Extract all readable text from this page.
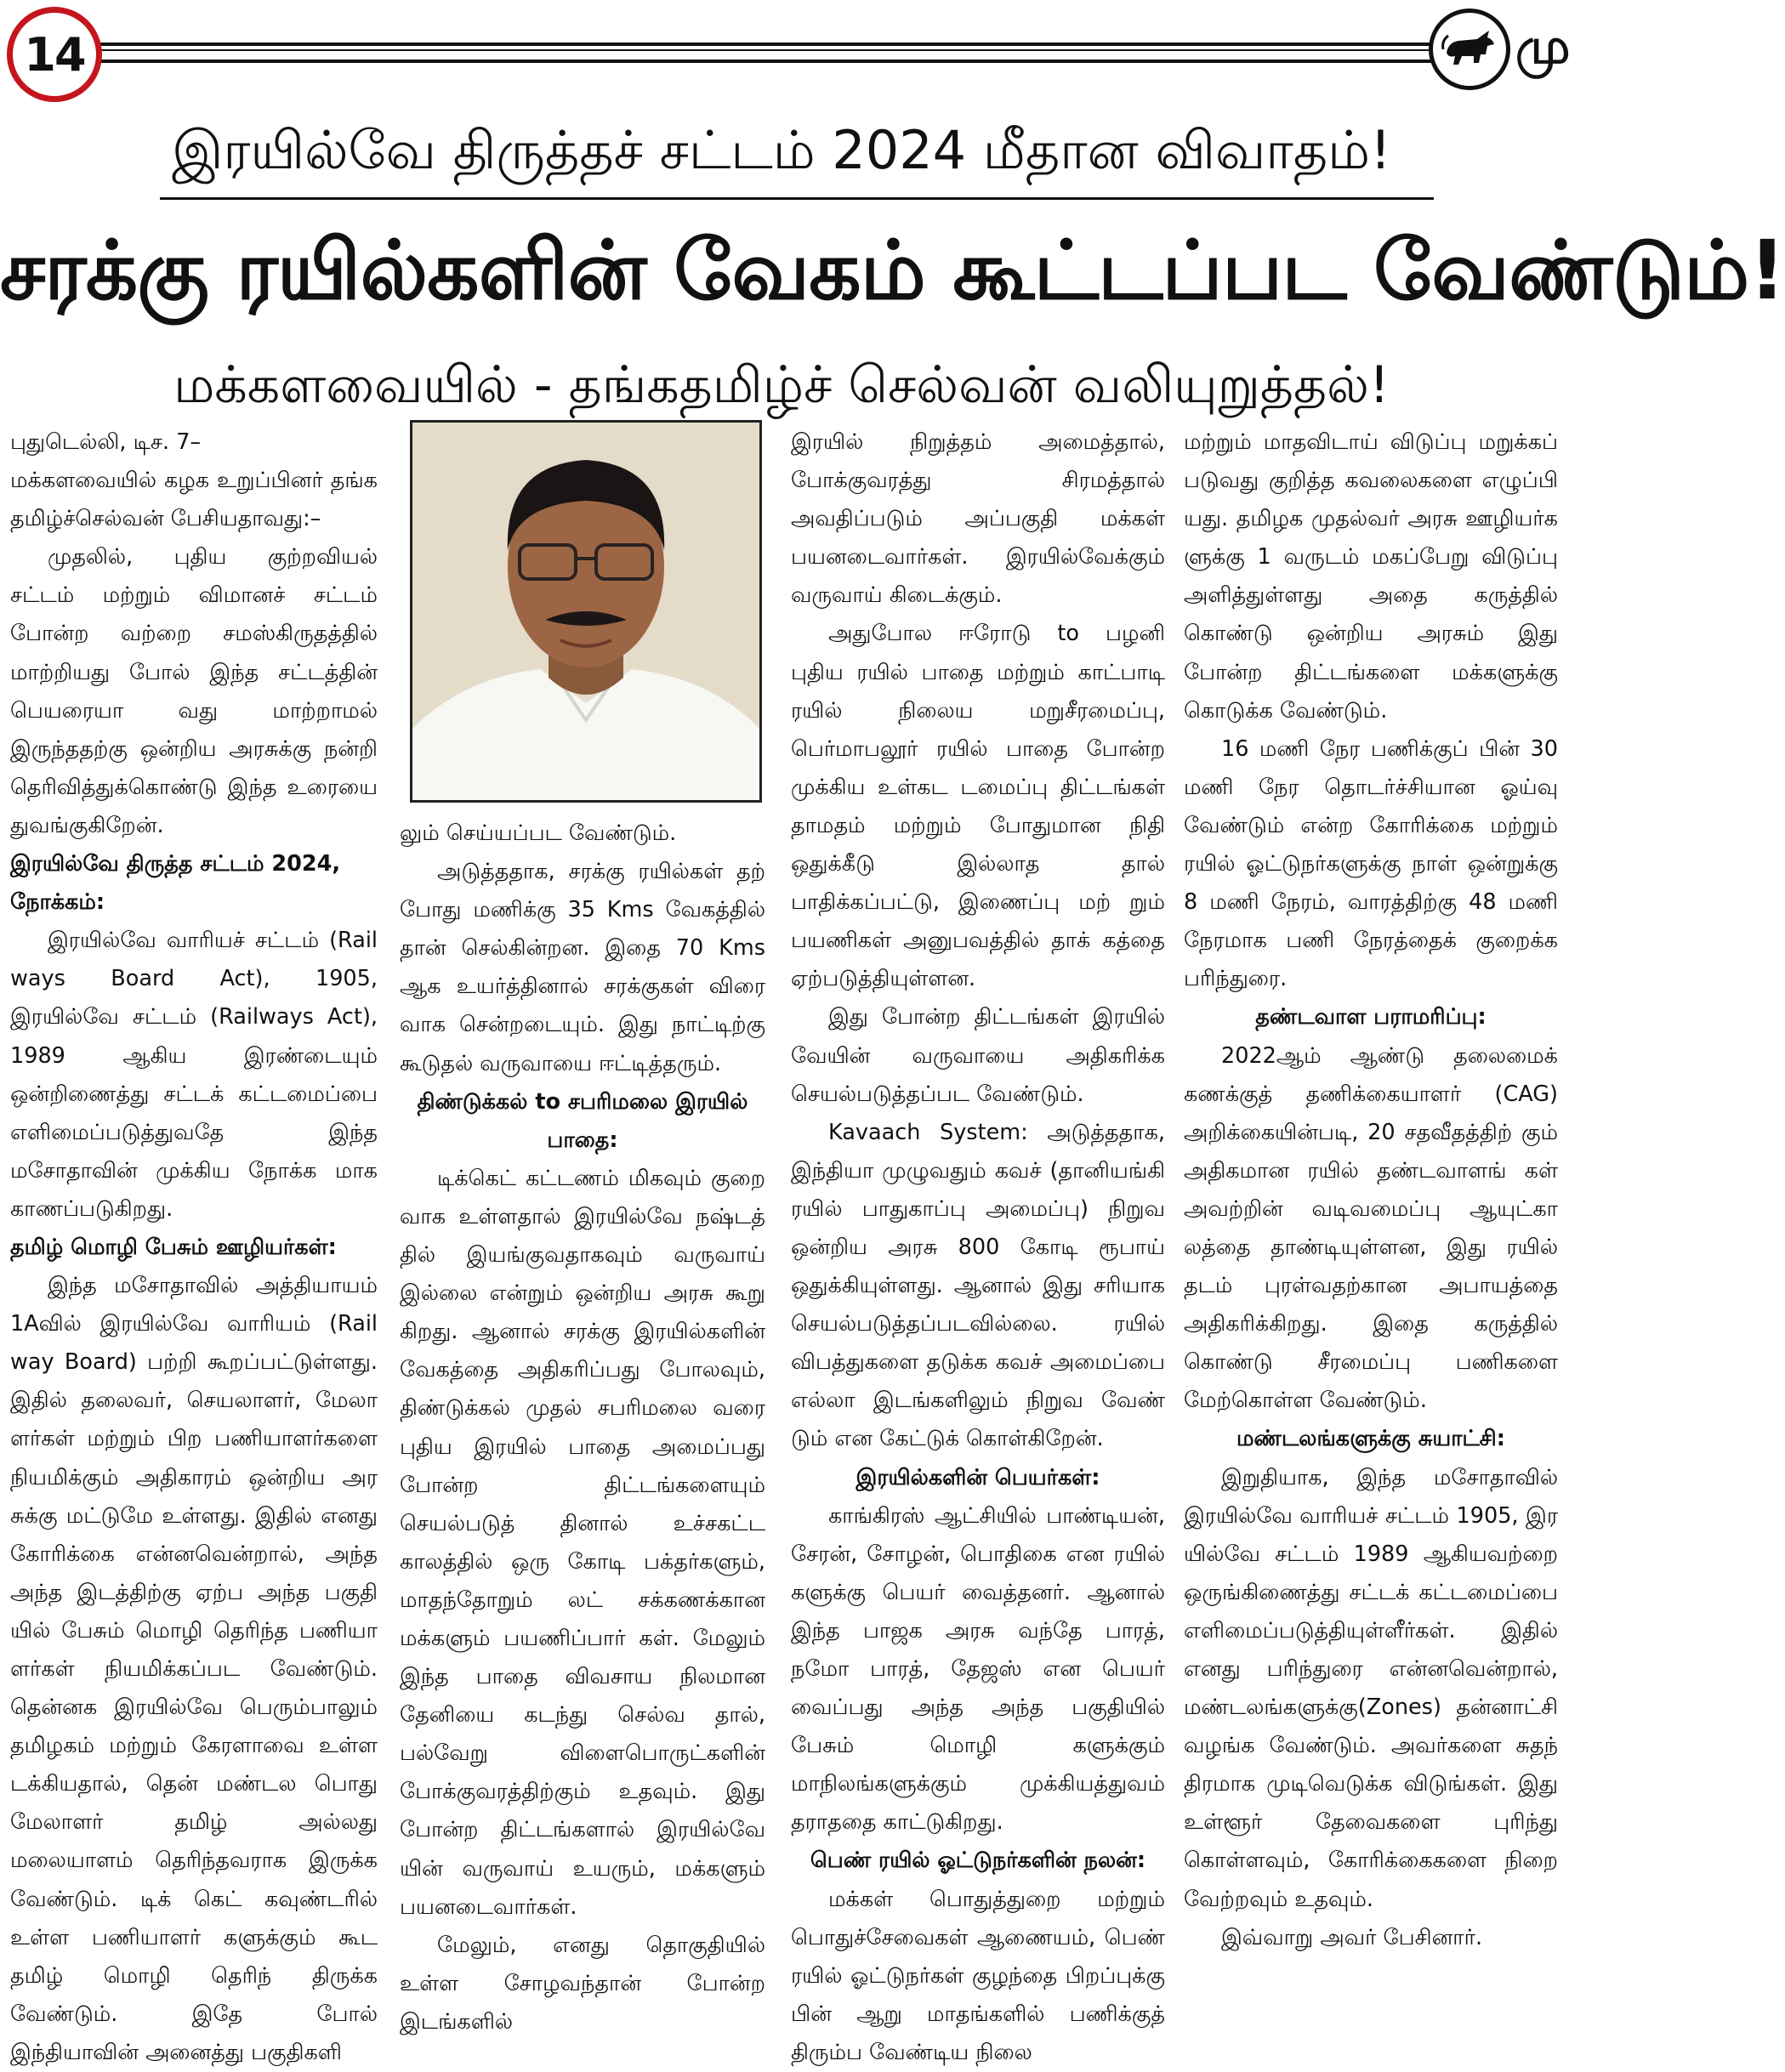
14	மு
இரயில்வே திருத்தச் சட்டம் 2024 மீதான விவாதம்!
சரக்கு ரயில்களின் வேகம் கூட்டப்பட வேண்டும்!
மக்களவையில் - தங்கதமிழ்ச் செல்வன் வலியுறுத்தல்!

புதுடெல்லி, டிச. 7–

மக்களவையில் கழக உறுப்பினர் தங்க தமிழ்ச்செல்வன் பேசியதாவது:–

முதலில், புதிய குற்றவியல் சட்டம் மற்றும் விமானச் சட்டம் போன்ற வற்றை சமஸ்கிருதத்தில் மாற்றியது போல் இந்த சட்டத்தின் பெயரையா வது மாற்றாமல் இருந்ததற்கு ஒன்றிய அரசுக்கு நன்றி தெரிவித்துக்கொண்டு இந்த உரையை துவங்குகிறேன்.

இரயில்வே திருத்த சட்டம் 2024, நோக்கம்:

இரயில்வே வாரியச் சட்டம் (Rail ways Board Act), 1905, இரயில்வே சட்டம் (Railways Act), 1989 ஆகிய இரண்டையும் ஒன்றிணைத்து சட்டக் கட்டமைப்பை எளிமைப்படுத்துவதே இந்த மசோதாவின் முக்கிய நோக்க மாக காணப்படுகிறது.

தமிழ் மொழி பேசும் ஊழியர்கள்:

இந்த மசோதாவில் அத்தியாயம் 1Aவில் இரயில்வே வாரியம் (Rail way Board) பற்றி கூறப்பட்டுள்ளது. இதில் தலைவர், செயலாளர், மேலா ளர்கள் மற்றும் பிற பணியாளர்களை நியமிக்கும் அதிகாரம் ஒன்றிய அர சுக்கு மட்டுமே உள்ளது. இதில் எனது கோரிக்கை என்னவென்றால், அந்த அந்த இடத்திற்கு ஏற்ப அந்த பகுதி யில் பேசும் மொழி தெரிந்த பணியா ளர்கள் நியமிக்கப்பட வேண்டும். தென்னக இரயில்வே பெரும்பாலும் தமிழகம் மற்றும் கேரளாவை உள்ள டக்கியதால், தென் மண்டல பொது மேலாளர் தமிழ் அல்லது மலையாளம் தெரிந்தவராக இருக்க வேண்டும். டிக் கெட் கவுண்டரில் உள்ள பணியாளர் களுக்கும் கூட தமிழ் மொழி தெரிந் திருக்க வேண்டும். இதே போல் இந்தியாவின் அனைத்து பகுதிகளி

லும் செய்யப்பட வேண்டும்.

அடுத்ததாக, சரக்கு ரயில்கள் தற் போது மணிக்கு 35 Kms வேகத்தில் தான் செல்கின்றன. இதை 70 Kms ஆக உயர்த்தினால் சரக்குகள் விரை வாக சென்றடையும். இது நாட்டிற்கு கூடுதல் வருவாயை ஈட்டித்தரும்.

திண்டுக்கல் to சபரிமலை இரயில் பாதை:

டிக்கெட் கட்டணம் மிகவும் குறை வாக உள்ளதால் இரயில்வே நஷ்டத் தில் இயங்குவதாகவும் வருவாய் இல்லை என்றும் ஒன்றிய அரசு கூறு கிறது. ஆனால் சரக்கு இரயில்களின் வேகத்தை அதிகரிப்பது போலவும், திண்டுக்கல் முதல் சபரிமலை வரை புதிய இரயில் பாதை அமைப்பது போன்ற திட்டங்களையும் செயல்படுத் தினால் உச்சகட்ட காலத்தில் ஒரு கோடி பக்தர்களும், மாதந்தோறும் லட் சக்கணக்கான மக்களும் பயணிப்பார் கள். மேலும் இந்த பாதை விவசாய நிலமான தேனியை கடந்து செல்வ தால், பல்வேறு விளைபொருட்களின் போக்குவரத்திற்கும் உதவும். இது போன்ற திட்டங்களால் இரயில்வே யின் வருவாய் உயரும், மக்களும் பயனடைவார்கள்.

மேலும், எனது தொகுதியில் உள்ள சோழவந்தான் போன்ற இடங்களில்

இரயில் நிறுத்தம் அமைத்தால், போக்குவரத்து சிரமத்தால் அவதிப்படும் அப்பகுதி மக்கள் பயனடைவார்கள். இரயில்வேக்கும் வருவாய் கிடைக்கும்.

அதுபோல ஈரோடு to பழனி புதிய ரயில் பாதை மற்றும் காட்பாடி ரயில் நிலைய மறுசீரமைப்பு, பெர்மாபலூர் ரயில் பாதை போன்ற முக்கிய உள்கட டமைப்பு திட்டங்கள் தாமதம் மற்றும் போதுமான நிதி ஒதுக்கீடு இல்லாத தால் பாதிக்கப்பட்டு, இணைப்பு மற் றும் பயணிகள் அனுபவத்தில் தாக் கத்தை ஏற்படுத்தியுள்ளன.

இது போன்ற திட்டங்கள் இரயில் வேயின் வருவாயை அதிகரிக்க செயல்படுத்தப்பட வேண்டும்.

Kavaach System: அடுத்ததாக, இந்தியா முழுவதும் கவச் (தானியங்கி ரயில் பாதுகாப்பு அமைப்பு) நிறுவ ஒன்றிய அரசு 800 கோடி ரூபாய் ஒதுக்கியுள்ளது. ஆனால் இது சரியாக செயல்படுத்தப்படவில்லை. ரயில் விபத்துகளை தடுக்க கவச் அமைப்பை எல்லா இடங்களிலும் நிறுவ வேண் டும் என கேட்டுக் கொள்கிறேன்.

இரயில்களின் பெயர்கள்:

காங்கிரஸ் ஆட்சியில் பாண்டியன், சேரன், சோழன், பொதிகை என ரயில் களுக்கு பெயர் வைத்தனர். ஆனால் இந்த பாஜக அரசு வந்தே பாரத், நமோ பாரத், தேஜஸ் என பெயர் வைப்பது அந்த அந்த பகுதியில் பேசும் மொழி களுக்கும் மாநிலங்களுக்கும் முக்கியத்துவம் தராததை காட்டுகிறது.

பெண் ரயில் ஓட்டுநர்களின் நலன்:

மக்கள் பொதுத்துறை மற்றும் பொதுச்சேவைகள் ஆணையம், பெண் ரயில் ஓட்டுநர்கள் குழந்தை பிறப்புக்கு பின் ஆறு மாதங்களில் பணிக்குத் திரும்ப வேண்டிய நிலை

மற்றும் மாதவிடாய் விடுப்பு மறுக்கப் படுவது குறித்த கவலைகளை எழுப்பி யது. தமிழக முதல்வர் அரசு ஊழியர்க ளுக்கு 1 வருடம் மகப்பேறு விடுப்பு அளித்துள்ளது அதை கருத்தில் கொண்டு ஒன்றிய அரசும் இது போன்ற திட்டங்களை மக்களுக்கு கொடுக்க வேண்டும்.

16 மணி நேர பணிக்குப் பின் 30 மணி நேர தொடர்ச்சியான ஓய்வு வேண்டும் என்ற கோரிக்கை மற்றும் ரயில் ஓட்டுநர்களுக்கு நாள் ஒன்றுக்கு 8 மணி நேரம், வாரத்திற்கு 48 மணி நேரமாக பணி நேரத்தைக் குறைக்க பரிந்துரை.

தண்டவாள பராமரிப்பு:

2022ஆம் ஆண்டு தலைமைக் கணக்குத் தணிக்கையாளர் (CAG) அறிக்கையின்படி, 20 சதவீதத்திற் கும் அதிகமான ரயில் தண்டவாளங் கள் அவற்றின் வடிவமைப்பு ஆயுட்கா லத்தை தாண்டியுள்ளன, இது ரயில் தடம் புரள்வதற்கான அபாயத்தை அதிகரிக்கிறது. இதை கருத்தில் கொண்டு சீரமைப்பு பணிகளை மேற்கொள்ள வேண்டும்.

மண்டலங்களுக்கு சுயாட்சி:

இறுதியாக, இந்த மசோதாவில் இரயில்வே வாரியச் சட்டம் 1905, இர யில்வே சட்டம் 1989 ஆகியவற்றை ஒருங்கிணைத்து சட்டக் கட்டமைப்பை எளிமைப்படுத்தியுள்ளீர்கள். இதில் எனது பரிந்துரை என்னவென்றால், மண்டலங்களுக்கு(Zones) தன்னாட்சி வழங்க வேண்டும். அவர்களை சுதந் திரமாக முடிவெடுக்க விடுங்கள். இது உள்ளூர் தேவைகளை புரிந்து கொள்ளவும், கோரிக்கைகளை நிறை வேற்றவும் உதவும்.

இவ்வாறு அவர் பேசினார்.
